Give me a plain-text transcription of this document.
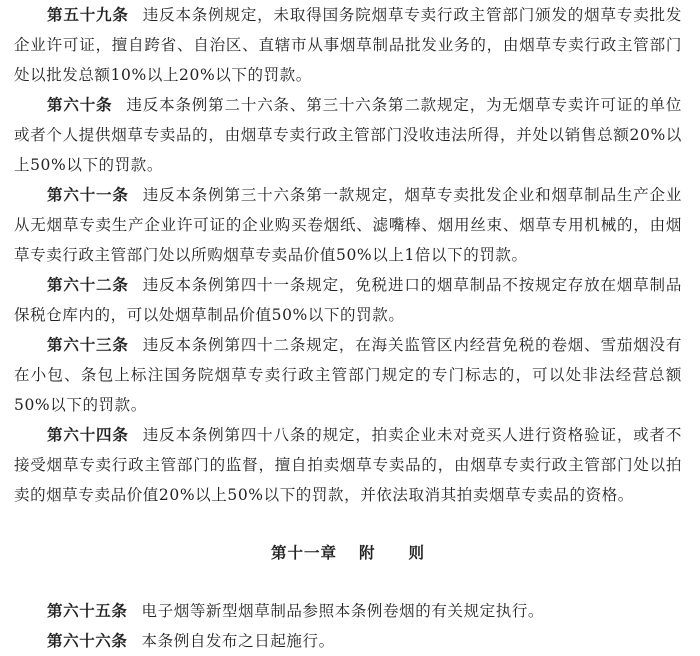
第五十九条 违反本条例规定，未取得国务院烟草专卖行政主管部门颁发的烟草专卖批发企业许可证，擅自跨省、自治区、直辖市从事烟草制品批发业务的，由烟草专卖行政主管部门处以批发总额10%以上20%以下的罚款。

第六十条 违反本条例第二十六条、第三十六条第二款规定，为无烟草专卖许可证的单位或者个人提供烟草专卖品的，由烟草专卖行政主管部门没收违法所得，并处以销售总额20%以上50%以下的罚款。

第六十一条 违反本条例第三十六条第一款规定，烟草专卖批发企业和烟草制品生产企业从无烟草专卖生产企业许可证的企业购买卷烟纸、滤嘴棒、烟用丝束、烟草专用机械的，由烟草专卖行政主管部门处以所购烟草专卖品价值50%以上1倍以下的罚款。

第六十二条 违反本条例第四十一条规定，免税进口的烟草制品不按规定存放在烟草制品保税仓库内的，可以处烟草制品价值50%以下的罚款。

第六十三条 违反本条例第四十二条规定，在海关监管区内经营免税的卷烟、雪茄烟没有在小包、条包上标注国务院烟草专卖行政主管部门规定的专门标志的，可以处非法经营总额50%以下的罚款。

第六十四条 违反本条例第四十八条的规定，拍卖企业未对竞买人进行资格验证，或者不接受烟草专卖行政主管部门的监督，擅自拍卖烟草专卖品的，由烟草专卖行政主管部门处以拍卖的烟草专卖品价值20%以上50%以下的罚款，并依法取消其拍卖烟草专卖品的资格。

第十一章 附　　则

第六十五条 电子烟等新型烟草制品参照本条例卷烟的有关规定执行。

第六十六条 本条例自发布之日起施行。
